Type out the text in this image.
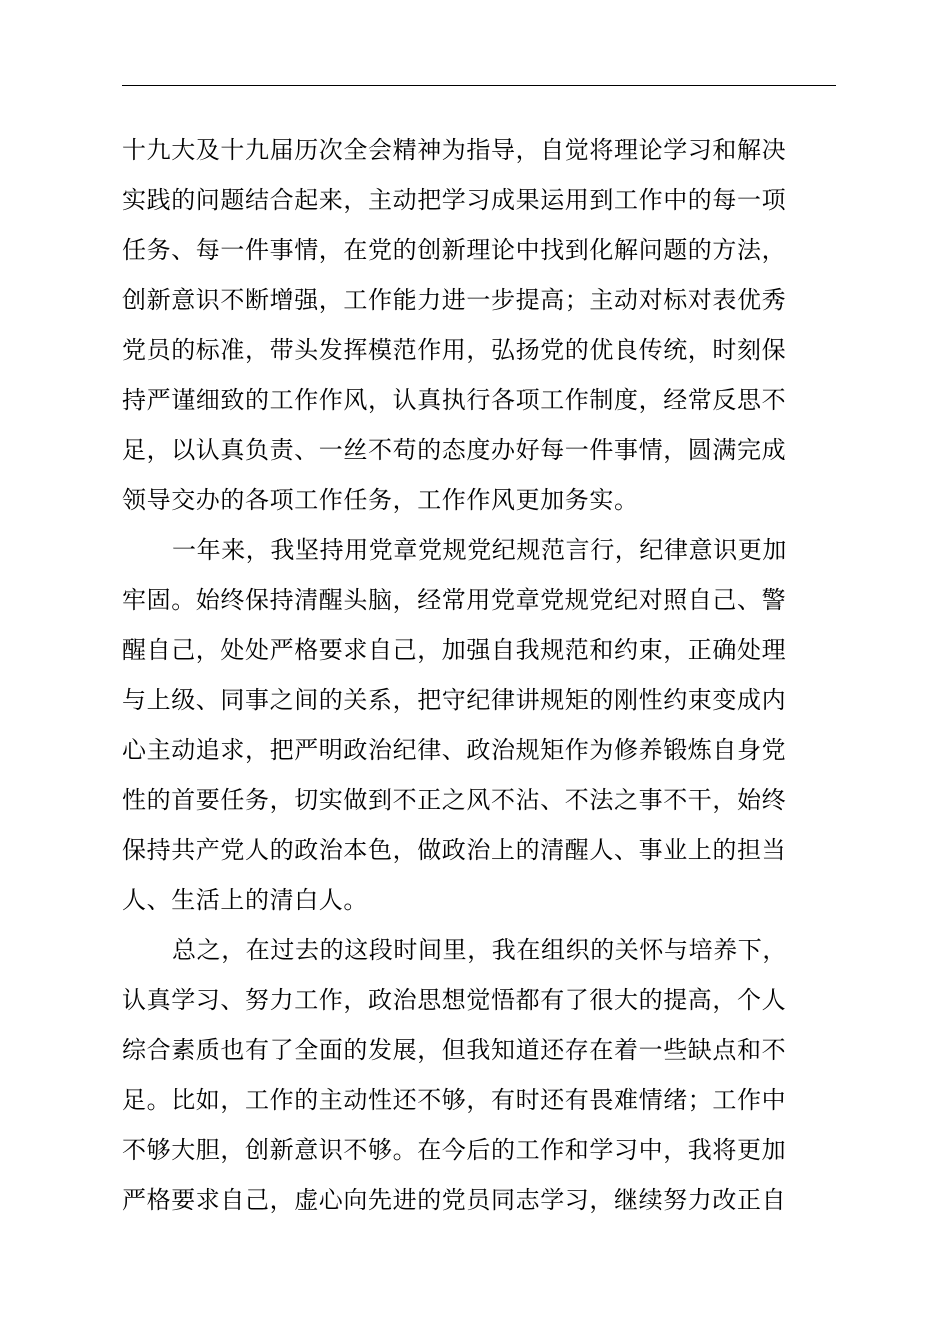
十九大及十九届历次全会精神为指导，自觉将理论学习和解决
实践的问题结合起来，主动把学习成果运用到工作中的每一项
任务、每一件事情，在党的创新理论中找到化解问题的方法，
创新意识不断增强，工作能力进一步提高；主动对标对表优秀
党员的标准，带头发挥模范作用，弘扬党的优良传统，时刻保
持严谨细致的工作作风，认真执行各项工作制度，经常反思不
足，以认真负责、一丝不苟的态度办好每一件事情，圆满完成
领导交办的各项工作任务，工作作风更加务实。
一年来，我坚持用党章党规党纪规范言行，纪律意识更加
牢固。始终保持清醒头脑，经常用党章党规党纪对照自己、警
醒自己，处处严格要求自己，加强自我规范和约束，正确处理
与上级、同事之间的关系，把守纪律讲规矩的刚性约束变成内
心主动追求，把严明政治纪律、政治规矩作为修养锻炼自身党
性的首要任务，切实做到不正之风不沾、不法之事不干，始终
保持共产党人的政治本色，做政治上的清醒人、事业上的担当
人、生活上的清白人。
总之，在过去的这段时间里，我在组织的关怀与培养下，
认真学习、努力工作，政治思想觉悟都有了很大的提高，个人
综合素质也有了全面的发展，但我知道还存在着一些缺点和不
足。比如，工作的主动性还不够，有时还有畏难情绪；工作中
不够大胆，创新意识不够。在今后的工作和学习中，我将更加
严格要求自己，虚心向先进的党员同志学习，继续努力改正自
